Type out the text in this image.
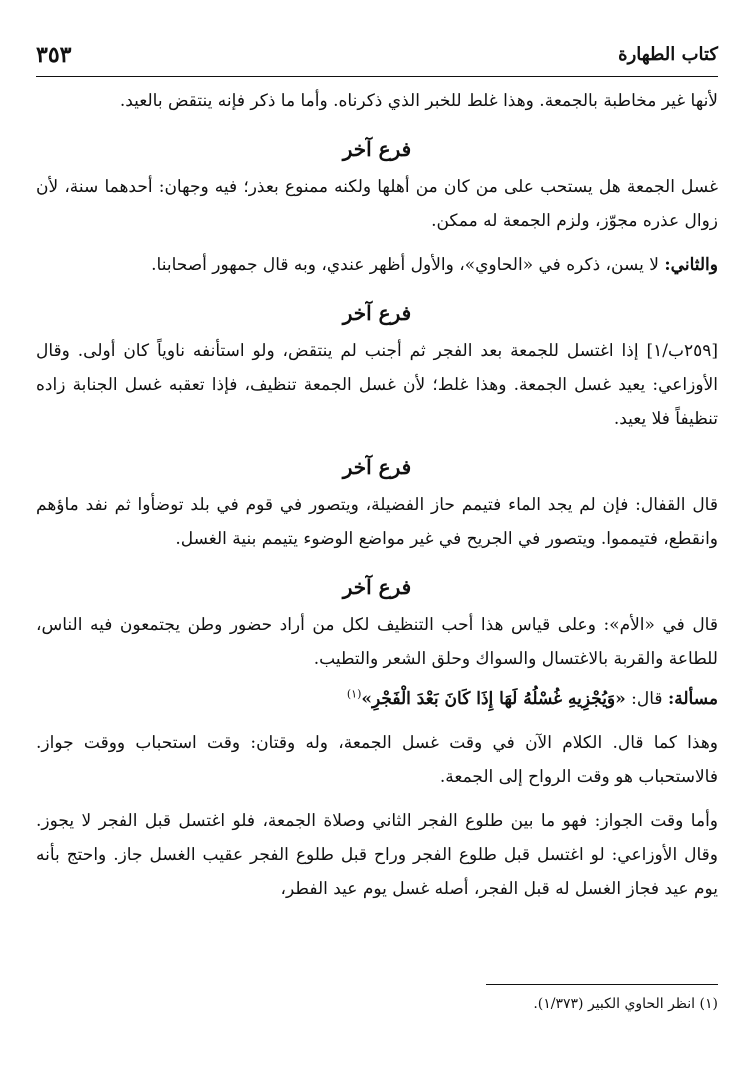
كتاب الطهارة
٣٥٣

لأنها غير مخاطبة بالجمعة. وهذا غلط للخبر الذي ذكرناه. وأما ما ذكر فإنه ينتقض بالعيد.

فرع آخر

غسل الجمعة هل يستحب على من كان من أهلها ولكنه ممنوع بعذر؛ فيه وجهان: أحدهما سنة، لأن زوال عذره مجوّز، ولزم الجمعة له ممكن.

والثاني: لا يسن، ذكره في «الحاوي»، والأول أظهر عندي، وبه قال جمهور أصحابنا.

فرع آخر

[٢٥٩ب/١] إذا اغتسل للجمعة بعد الفجر ثم أجنب لم ينتقض، ولو استأنفه ناوياً كان أولى. وقال الأوزاعي: يعيد غسل الجمعة. وهذا غلط؛ لأن غسل الجمعة تنظيف، فإذا تعقبه غسل الجنابة زاده تنظيفاً فلا يعيد.

فرع آخر

قال القفال: فإن لم يجد الماء فتيمم حاز الفضيلة، ويتصور في قوم في بلد توضأوا ثم نفد ماؤهم وانقطع، فتيمموا. ويتصور في الجريح في غير مواضع الوضوء يتيمم بنية الغسل.

فرع آخر

قال في «الأم»: وعلى قياس هذا أحب التنظيف لكل من أراد حضور وطن يجتمعون فيه الناس، للطاعة والقربة بالاغتسال والسواك وحلق الشعر والتطيب.

مسألة: قال: «وَيُجْزِيهِ غُسْلُهُ لَهَا إِذَا كَانَ بَعْدَ الْفَجْرِ»$^{(١)}$

وهذا كما قال. الكلام الآن في وقت غسل الجمعة، وله وقتان: وقت استحباب ووقت جواز. فالاستحباب هو وقت الرواح إلى الجمعة.

وأما وقت الجواز: فهو ما بين طلوع الفجر الثاني وصلاة الجمعة، فلو اغتسل قبل الفجر لا يجوز. وقال الأوزاعي: لو اغتسل قبل طلوع الفجر وراح قبل طلوع الفجر عقيب الغسل جاز. واحتج بأنه يوم عيد فجاز الغسل له قبل الفجر، أصله غسل يوم عيد الفطر،

(١) انظر الحاوي الكبير (١/٣٧٣).
